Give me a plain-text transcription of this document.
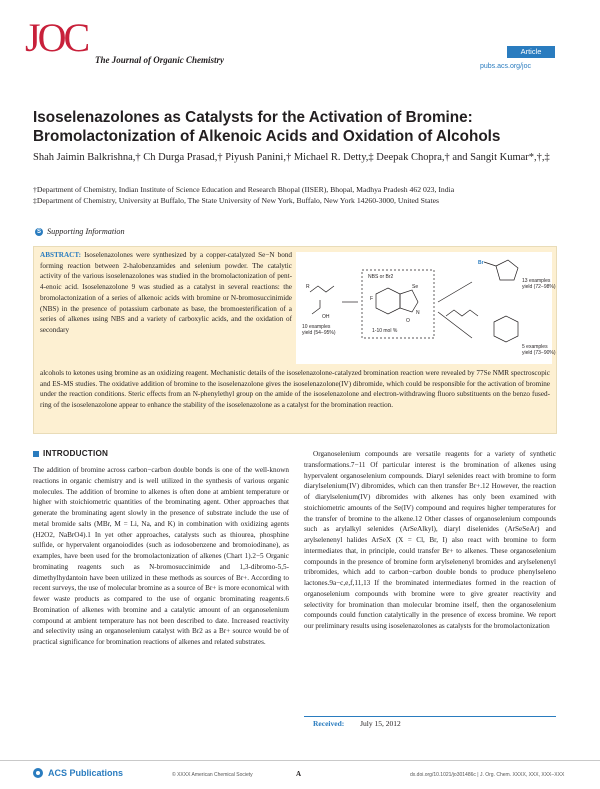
JOC The Journal of Organic Chemistry
Article
pubs.acs.org/joc
Isoselenazolones as Catalysts for the Activation of Bromine: Bromolactonization of Alkenoic Acids and Oxidation of Alcohols
Shah Jaimin Balkrishna,† Ch Durga Prasad,† Piyush Panini,† Michael R. Detty,‡ Deepak Chopra,† and Sangit Kumar*,†,‡

†Department of Chemistry, Indian Institute of Science Education and Research Bhopal (IISER), Bhopal, Madhya Pradesh 462 023, India

‡Department of Chemistry, University at Buffalo, The State University of New York, Buffalo, New York 14260-3000, United States

S Supporting Information
ABSTRACT: Isoselenazolones were synthesized by a copper-catalyzed Se−N bond forming reaction between 2-halobenzamides and selenium powder. The catalytic activity of the various isoselenazolones was studied in the bromolactonization of pent-4-enoic acid. Isoselenazolone 9 was studied as a catalyst in several reactions: the bromolactonization of a series of alkenoic acids with bromine or N-bromosuccinimide (NBS) in the presence of potassium carbonate as base, the bromoesterification of a series of alkenes using NBS and a variety of carboxylic acids, and the oxidation of secondary
alcohols to ketones using bromine as an oxidizing reagent. Mechanistic details of the isoselenazolone-catalyzed bromination reaction were revealed by 77Se NMR spectroscopic and ES-MS studies. The oxidative addition of bromine to the isoselenazolone gives the isoselenazolone(IV) dibromide, which could be responsible for the activation of bromine under the reaction conditions. Steric effects from an N-phenylethyl group on the amide of the isoselenazolone and electron-withdrawing fluoro substituents on the benzo fused-ring of the isoselenazolone appear to enhance the stability of the isoselenazolone as a catalyst for the bromination reaction.
NBS or Br2
1-10 mol %
10 examples
yield (54−95%)
13 examples
yield (72−98%)
5 examples
yield (73−90%)
Br
Se
N
F
O
R
OH
INTRODUCTION

The addition of bromine across carbon−carbon double bonds is one of the well-known reactions in organic chemistry and is well utilized in the synthesis of various organic molecules. The addition of bromine to alkenes is often done at ambient temperature or higher with stoichiometric quantities of the brominating agent. Other approaches that generate the brominating agent slowly in the presence of substrate include the use of metal bromide salts (MBr, M = Li, Na, and K) in combination with oxidizing agents (H2O2, NaBrO4).1 In yet other approaches, catalysts such as thiourea, phosphine sulfide, or hypervalent organoiodides (such as iodosobenzene and bromoiodinane), as examples, have been used for the bromolactonization of alkenes (Chart 1).2−5 Organic brominating reagents such as N-bromosuccinimide and 1,3-dibromo-5,5-dimethylhydantoin have been utilized in these methods as sources of Br+. According to recent surveys, the use of molecular bromine as a source of Br+ is more economical with fewer waste products as compared to the use of organic brominating reagents.6 Bromination of alkenes with bromine and a catalytic amount of an organoselenium compound at ambient temperature has not been described to date. Increased reactivity and selectivity using an organoselenium catalyst with Br2 as a Br+ source would be of practical significance for bromination reactions of alkenes and related substrates.

Organoselenium compounds are versatile reagents for a variety of synthetic transformations.7−11 Of particular interest is the bromination of alkenes using hypervalent organoselenium compounds. Diaryl selenides react with bromine to form diarylselenium(IV) dibromides, which can then transfer Br+.12 However, the reaction of diarylselenium(IV) dibromides with alkenes has only been examined with stoichiometric amounts of the Se(IV) compound and requires higher temperatures for the transfer of bromine to the alkene.12 Other classes of organoselenium compounds such as arylalkyl selenides (ArSeAlkyl), diaryl diselenides (ArSeSeAr) and arylselenenyl halides ArSeX (X = Cl, Br, I) also react with bromine to form intermediates that, in principle, could transfer Br+ to alkenes. These organoselenium compounds in the presence of bromine form arylselenenyl bromides and arylselenenyl tribromides, which add to carbon−carbon double bonds to produce phenylseleno lactones.9a−c,e,f,11,13 If the brominated intermediates formed in the reaction of organoselenium compounds with bromine were to give greater reactivity and selectivity for bromination than molecular bromine itself, then the organoselenium compounds could function catalytically in the presence of excess bromine. We report our preliminary results using isoselenazolones as catalysts for the bromolactonization

Received: July 15, 2012
ACS Publications	© XXXX American Chemical Society	A	dx.doi.org/10.1021/jo301486c | J. Org. Chem. XXXX, XXX, XXX−XXX
